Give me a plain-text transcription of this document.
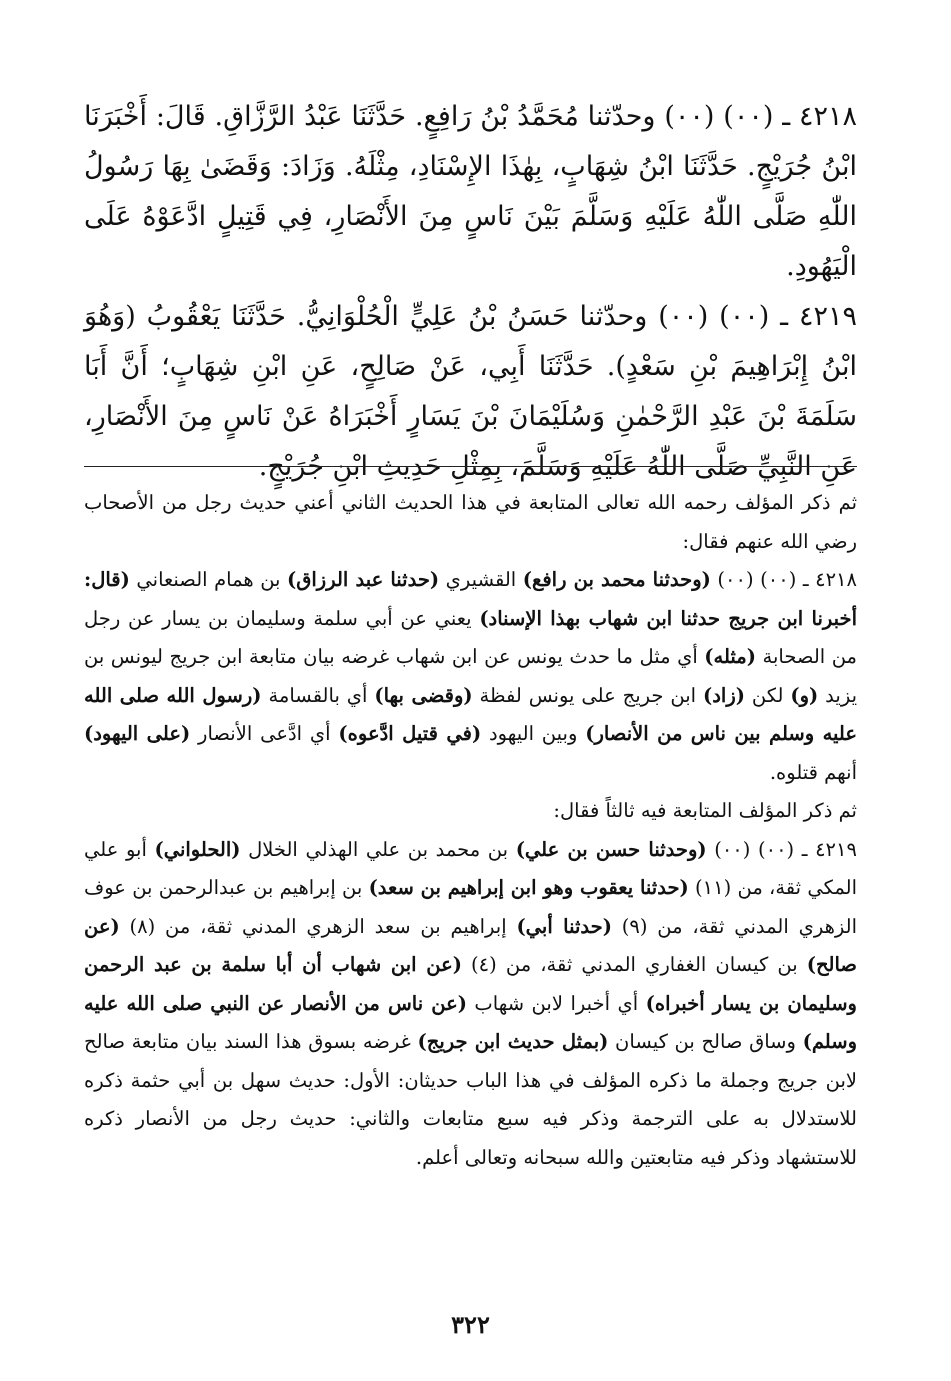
٤٢١٨ ـ (٠٠) (٠٠) وحدّثنا مُحَمَّدُ بْنُ رَافِعٍ. حَدَّثَنَا عَبْدُ الرَّزَّاقِ. قَالَ: أَخْبَرَنَا ابْنُ جُرَيْجٍ. حَدَّثَنَا ابْنُ شِهَابٍ، بِهٰذَا الإِسْنَادِ، مِثْلَهُ. وَزَادَ: وَقَضَىٰ بِهَا رَسُولُ اللّٰهِ صَلَّى اللّٰهُ عَلَيْهِ وَسَلَّمَ بَيْنَ نَاسٍ مِنَ الأَنْصَارِ، فِي قَتِيلٍ ادَّعَوْهُ عَلَى الْيَهُودِ.

٤٢١٩ ـ (٠٠) (٠٠) وحدّثنا حَسَنُ بْنُ عَلِيٍّ الْحُلْوَانِيُّ. حَدَّثَنَا يَعْقُوبُ (وَهُوَ ابْنُ إِبْرَاهِيمَ بْنِ سَعْدٍ). حَدَّثَنَا أَبِي، عَنْ صَالِحٍ، عَنِ ابْنِ شِهَابٍ؛ أَنَّ أَبَا سَلَمَةَ بْنَ عَبْدِ الرَّحْمٰنِ وَسُلَيْمَانَ بْنَ يَسَارٍ أَخْبَرَاهُ عَنْ نَاسٍ مِنَ الأَنْصَارِ، عَنِ النَّبِيِّ صَلَّى اللّٰهُ عَلَيْهِ وَسَلَّمَ، بِمِثْلِ حَدِيثِ ابْنِ جُرَيْجٍ.

ثم ذكر المؤلف رحمه الله تعالى المتابعة في هذا الحديث الثاني أعني حديث رجل من الأصحاب رضي الله عنهم فقال:

٤٢١٨ ـ (٠٠) (٠٠) (وحدثنا محمد بن رافع) القشيري (حدثنا عبد الرزاق) بن همام الصنعاني (قال: أخبرنا ابن جريج حدثنا ابن شهاب بهذا الإسناد) يعني عن أبي سلمة وسليمان بن يسار عن رجل من الصحابة (مثله) أي مثل ما حدث يونس عن ابن شهاب غرضه بيان متابعة ابن جريج ليونس بن يزيد (و) لكن (زاد) ابن جريج على يونس لفظة (وقضى بها) أي بالقسامة (رسول الله صلى الله عليه وسلم بين ناس من الأنصار) وبين اليهود (في قتيل ادَّعوه) أي ادَّعى الأنصار (على اليهود) أنهم قتلوه.

ثم ذكر المؤلف المتابعة فيه ثالثاً فقال:

٤٢١٩ ـ (٠٠) (٠٠) (وحدثنا حسن بن علي) بن محمد بن علي الهذلي الخلال (الحلواني) أبو علي المكي ثقة، من (١١) (حدثنا يعقوب وهو ابن إبراهيم بن سعد) بن إبراهيم بن عبدالرحمن بن عوف الزهري المدني ثقة، من (٩) (حدثنا أبي) إبراهيم بن سعد الزهري المدني ثقة، من (٨) (عن صالح) بن كيسان الغفاري المدني ثقة، من (٤) (عن ابن شهاب أن أبا سلمة بن عبد الرحمن وسليمان بن يسار أخبراه) أي أخبرا لابن شهاب (عن ناس من الأنصار عن النبي صلى الله عليه وسلم) وساق صالح بن كيسان (بمثل حديث ابن جريج) غرضه بسوق هذا السند بيان متابعة صالح لابن جريج وجملة ما ذكره المؤلف في هذا الباب حديثان: الأول: حديث سهل بن أبي حثمة ذكره للاستدلال به على الترجمة وذكر فيه سبع متابعات والثاني: حديث رجل من الأنصار ذكره للاستشهاد وذكر فيه متابعتين والله سبحانه وتعالى أعلم.

٣٢٢
